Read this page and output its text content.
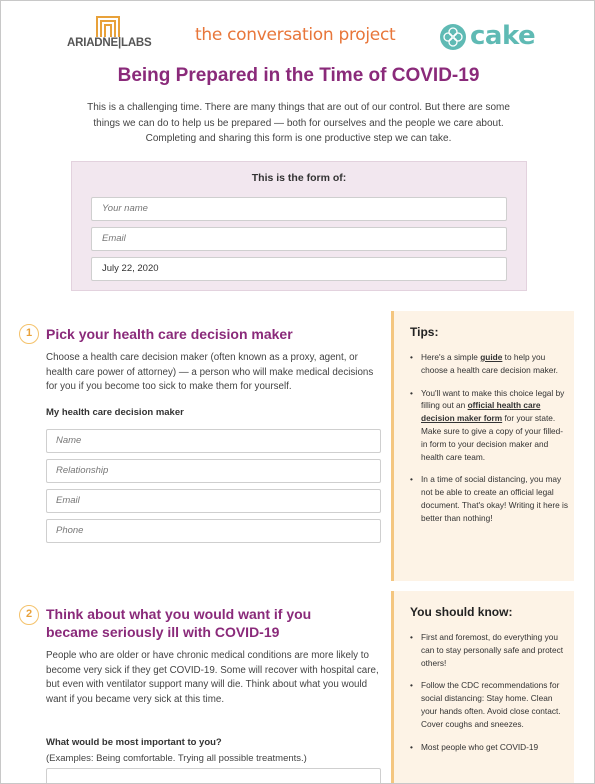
ARIADNE|LABS	the conversation project	cake
Being Prepared in the Time of COVID-19
This is a challenging time. There are many things that are out of our control. But there are some things we can do to help us be prepared — both for ourselves and the people we care about. Completing and sharing this form is one productive step we can take.
This is the form of:
Your name
Email
July 22, 2020
1 Pick your health care decision maker
Choose a health care decision maker (often known as a proxy, agent, or health care power of attorney) — a person who will make medical decisions for you if you become too sick to make them for yourself.
My health care decision maker
Name
Relationship
Email
Phone
Tips:
• Here's a simple guide to help you choose a health care decision maker.
• You'll want to make this choice legal by filling out an official health care decision maker form for your state. Make sure to give a copy of your filled-in form to your decision maker and health care team.
• In a time of social distancing, you may not be able to create an official legal document. That's okay! Writing it here is better than nothing!
2 Think about what you would want if you became seriously ill with COVID-19
People who are older or have chronic medical conditions are more likely to become very sick if they get COVID-19. Some will recover with hospital care, but even with ventilator support many will die. Think about what you would want if you became very sick at this time.
What would be most important to you?
(Examples: Being comfortable. Trying all possible treatments.)
You should know:
• First and foremost, do everything you can to stay personally safe and protect others!
• Follow the CDC recommendations for social distancing: Stay home. Clean your hands often. Avoid close contact. Cover coughs and sneezes.
• Most people who get COVID-19
